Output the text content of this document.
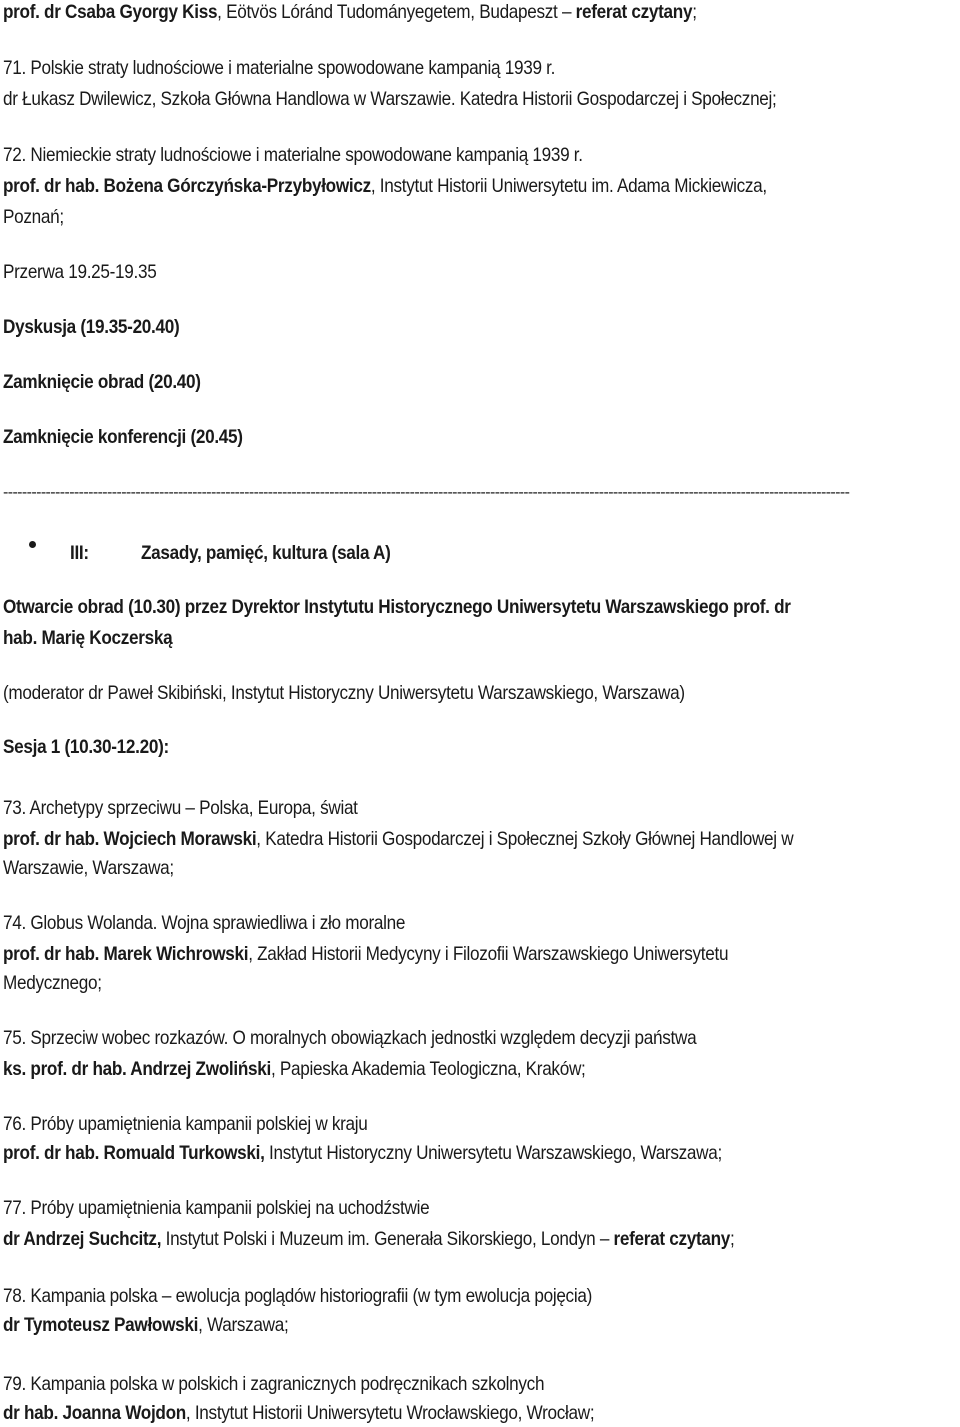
prof. dr Csaba Gyorgy Kiss, Eötvös Lóránd Tudományegetem, Budapeszt – referat czytany;
71. Polskie straty ludnościowe i materialne spowodowane kampanią 1939 r.
dr Łukasz Dwilewicz, Szkoła Główna Handlowa w Warszawie. Katedra Historii Gospodarczej i Społecznej;
72. Niemieckie straty ludnościowe i materialne spowodowane kampanią 1939 r.
prof. dr hab. Bożena Górczyńska-Przybyłowicz, Instytut Historii Uniwersytetu im. Adama Mickiewicza,
Poznań;
Przerwa 19.25-19.35
Dyskusja (19.35-20.40)
Zamknięcie obrad (20.40)
Zamknięcie konferencji (20.45)
-----------------------------------------------------------------------------------------------------------------------------------------------------------------------------------
III:	Zasady, pamięć, kultura (sala A)
Otwarcie obrad (10.30) przez Dyrektor Instytutu Historycznego Uniwersytetu Warszawskiego prof. dr
hab. Marię Koczerską
(moderator dr Paweł Skibiński, Instytut Historyczny Uniwersytetu Warszawskiego, Warszawa)
Sesja 1 (10.30-12.20):
73. Archetypy sprzeciwu – Polska, Europa, świat
prof. dr hab. Wojciech Morawski, Katedra Historii Gospodarczej i Społecznej Szkoły Głównej Handlowej w
Warszawie, Warszawa;
74. Globus Wolanda. Wojna sprawiedliwa i zło moralne
prof. dr hab. Marek Wichrowski, Zakład Historii Medycyny i Filozofii Warszawskiego Uniwersytetu
Medycznego;
75. Sprzeciw wobec rozkazów. O moralnych obowiązkach jednostki względem decyzji państwa
ks. prof. dr hab. Andrzej Zwoliński, Papieska Akademia Teologiczna, Kraków;
76. Próby upamiętnienia kampanii polskiej w kraju
prof. dr hab. Romuald Turkowski, Instytut Historyczny Uniwersytetu Warszawskiego, Warszawa;
77. Próby upamiętnienia kampanii polskiej na uchodźstwie
dr Andrzej Suchcitz, Instytut Polski i Muzeum im. Generała Sikorskiego, Londyn – referat czytany;
78. Kampania polska – ewolucja poglądów historiografii (w tym ewolucja pojęcia)
dr Tymoteusz Pawłowski, Warszawa;
79. Kampania polska w polskich i zagranicznych podręcznikach szkolnych
dr hab. Joanna Wojdon, Instytut Historii Uniwersytetu Wrocławskiego, Wrocław;
